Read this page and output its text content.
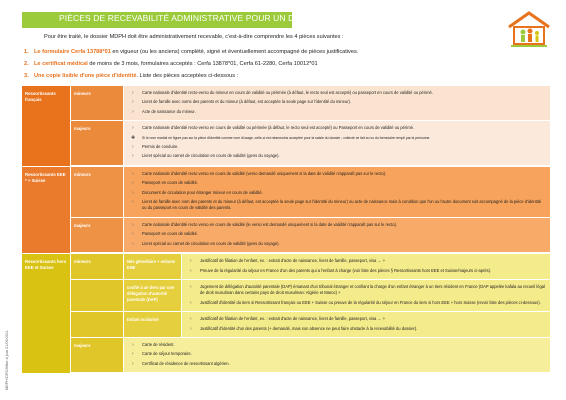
PIÈCES DE RECEVABILITÉ ADMINISTRATIVE POUR UN DOSSIER MDPH
Pour être traité, le dossier MDPH doit être administrativement recevable, c'est-à-dire comprendre les 4 pièces suivantes :
1. Le formulaire Cerfa 13788*01 en vigueur (ou les anciens) complété, signé et éventuellement accompagné de pièces justificatives.
2. Le certificat médical de moins de 3 mois, formulaires acceptés : Cerfa 13878*01, Cerfa 61-2280, Cerfa 10012*01
3. Une copie lisible d'une pièce d'identité. Liste des pièces acceptées ci-dessous :
MDPH/DRC/Mise à jour 21/09/2011
Ressortissants français
mineurs	› Carte nationale d'identité recto-verso du mineur en cours de validité ou périmée (à défaut, le recto seul est accepté) ou passeport en cours de validité ou périmé.
› Livret de famille avec noms des parents et du mineur (à défaut, est acceptée la seule page sur l'identité du mineur).
› Acte de naissance du mineur.
majeurs	› Carte nationale d'identité recto-verso en cours de validité ou périmée (à défaut, le recto seul est accepté) ou Passeport en cours de validité ou périmé.
✚ Si le nom marital ne figure pas sur la pièce d'identité comme nom d'usage, celle-ci est néanmoins acceptée pour la saisie du dossier ; collecte ce fait au vu du formulaire rempli par la personne.
› Permis de conduire.
› Livret spécial ou carnet de circulation en cours de validité (gens du voyage).
Ressortissants EEE * + Suisse
mineurs	› Carte nationale d'identité recto verso en cours de validité (verso demandé uniquement si la date de validité n'apparaît pas sur le recto).
› Passeport en cours de validité.
› Document de circulation pour étranger mineur en cours de validité.
› Livret de famille avec nom des parents et du mineur (à défaut, est acceptée la seule page sur l'identité du mineur) ou acte de naissance mais à condition que l'un ou l'autre document soit accompagné de la pièce d'identité ou du passeport en cours de validité des parents.
majeurs	› Carte nationale d'identité recto verso en cours de validité (le verso est demandé uniquement si la date de validité n'apparaît pas sur le recto).
› Passeport en cours de validité.
› Livret spécial ou carnet de circulation en cours de validité (gens du voyage).
Ressortissants hors EEE et Suisse
mineurs	Nés gémellaire + enfants ENE
› Justificatif de filiation de l'enfant, ex. : extrait d'acte de naissance, livret de famille, passeport, visa … +
› Preuve de la régularité du séjour en France d'un des parents qui a l'enfant à charge (voir liste des pièces § Ressortissants hors EEE et Suisse/majeurs ci-après).
confié à un tiers par une délégation d'autorité parentale (DAP)
› Jugement de délégation d'autorité parentale (DAP) émanant d'un tribunal étranger et confiant la charge d'un enfant étranger à un tiers résident en France (DAP appelée kafala au recueil légal de droit musulman dans certains pays de droit musulman: Algérie et Maroc) +
› Justificatif d'identité du tiers si Ressortissant français ou EEE + Suisse ou preuve de la régularité du séjour en France du tiers si hors EEE + hors Suisse (revoir liste des pièces ci-dessous).
Enfant scolarisé	› Justificatif de filiation de l'enfant, ex. : extrait d'acte de naissance, livret de famille, passeport, visa … +
› Justificatif d'identité d'un des parents (+ demandé, mais son absence ne peut faire obstacle à la recevabilité du dossier).
majeurs	› Carte de résident.
› Carte de séjour temporaire.
› Certificat de résidence de ressortissant algérien.
